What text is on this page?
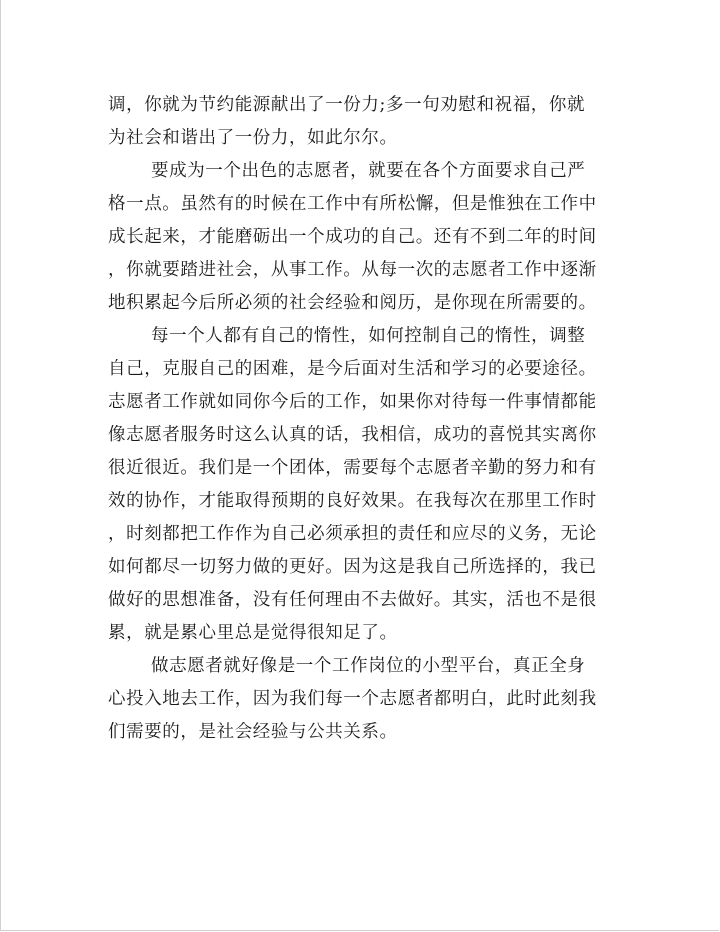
调，你就为节约能源献出了一份力;多一句劝慰和祝福，你就
为社会和谐出了一份力，如此尔尔。
要成为一个出色的志愿者，就要在各个方面要求自己严
格一点。虽然有的时候在工作中有所松懈，但是惟独在工作中
成长起来，才能磨砺出一个成功的自己。还有不到二年的时间
，你就要踏进社会，从事工作。从每一次的志愿者工作中逐渐
地积累起今后所必须的社会经验和阅历，是你现在所需要的。
每一个人都有自己的惰性，如何控制自己的惰性，调整
自己，克服自己的困难，是今后面对生活和学习的必要途径。
志愿者工作就如同你今后的工作，如果你对待每一件事情都能
像志愿者服务时这么认真的话，我相信，成功的喜悦其实离你
很近很近。我们是一个团体，需要每个志愿者辛勤的努力和有
效的协作，才能取得预期的良好效果。在我每次在那里工作时
，时刻都把工作作为自己必须承担的责任和应尽的义务，无论
如何都尽一切努力做的更好。因为这是我自己所选择的，我已
做好的思想准备，没有任何理由不去做好。其实，活也不是很
累，就是累心里总是觉得很知足了。
做志愿者就好像是一个工作岗位的小型平台，真正全身
心投入地去工作，因为我们每一个志愿者都明白，此时此刻我
们需要的，是社会经验与公共关系。
